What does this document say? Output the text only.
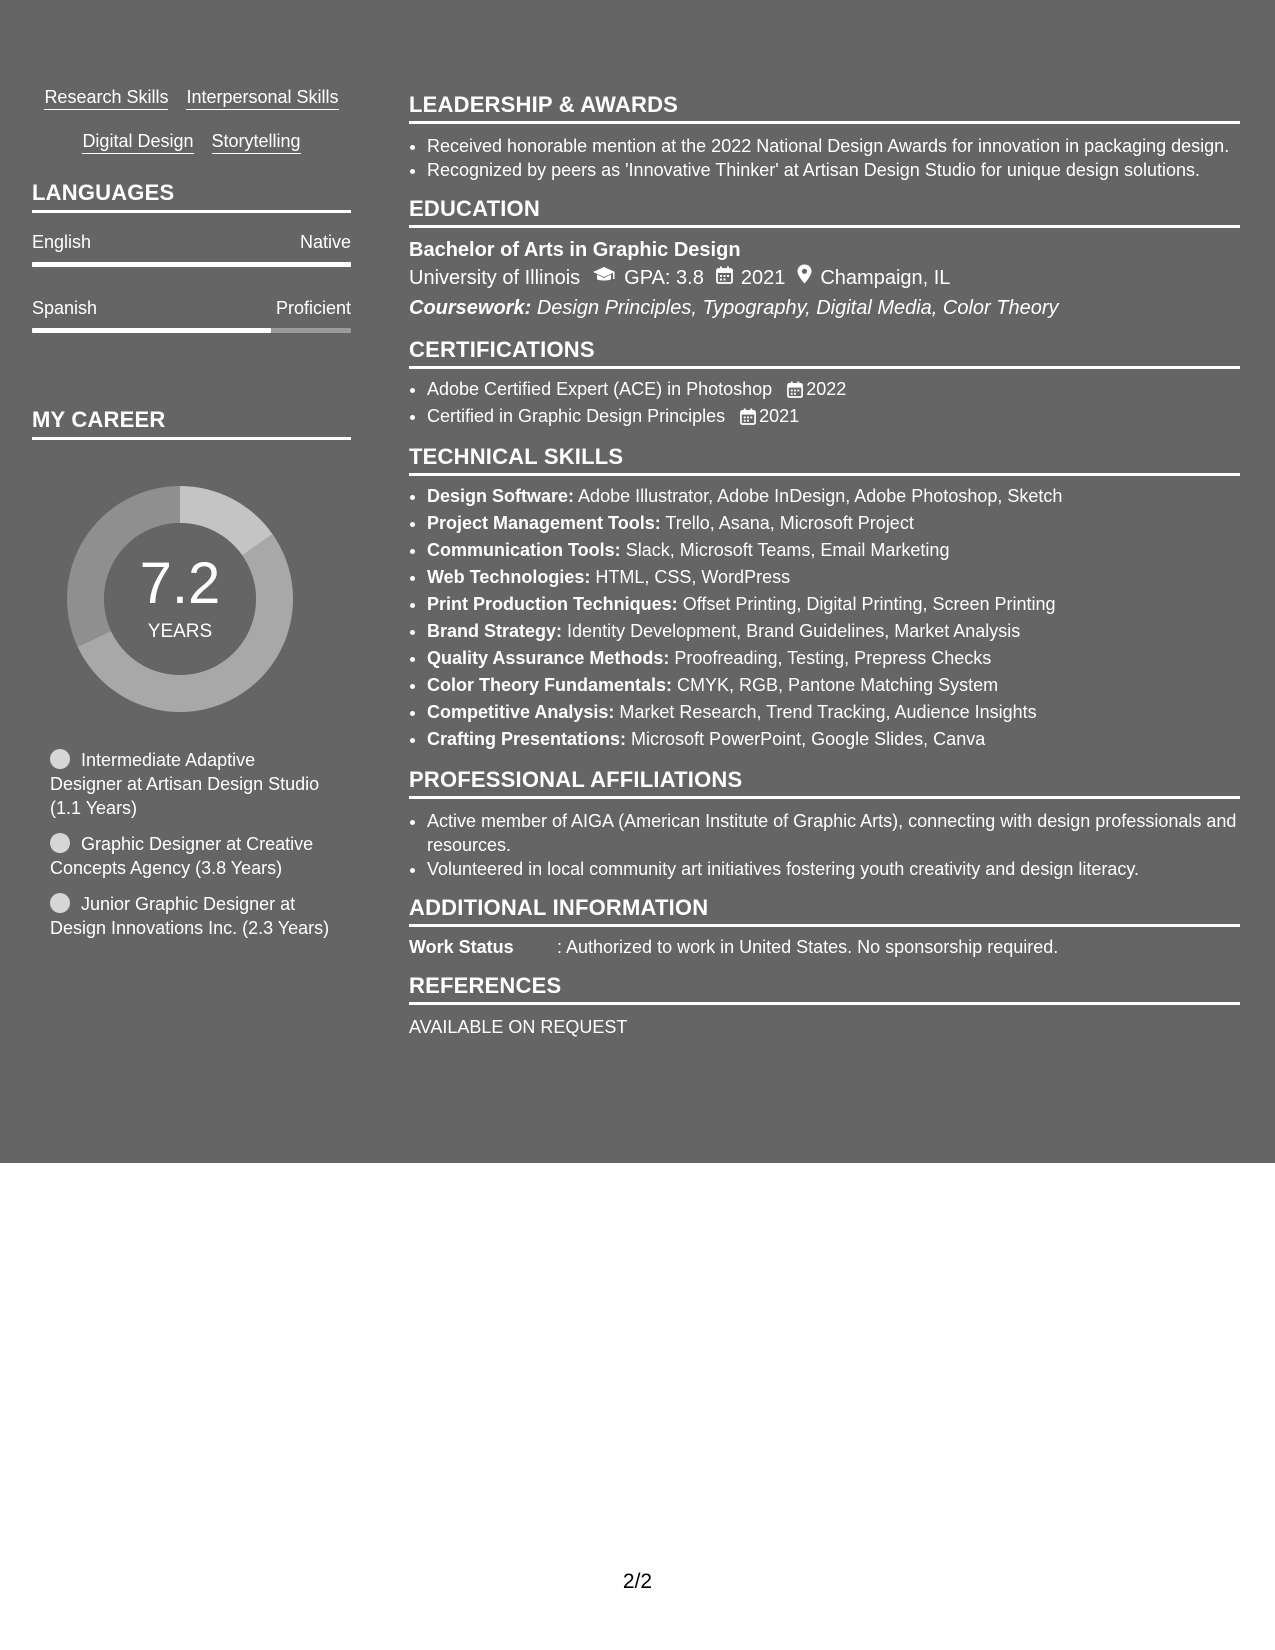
Research Skills Interpersonal Skills
Digital Design Storytelling
LANGUAGES
English	Native
Spanish	Proficient
MY CAREER
7.2
YEARS
Intermediate Adaptive Designer at Artisan Design Studio (1.1 Years)
Graphic Designer at Creative Concepts Agency (3.8 Years)
Junior Graphic Designer at Design Innovations Inc. (2.3 Years)
LEADERSHIP & AWARDS
• Received honorable mention at the 2022 National Design Awards for innovation in packaging design.
• Recognized by peers as 'Innovative Thinker' at Artisan Design Studio for unique design solutions.
EDUCATION
Bachelor of Arts in Graphic Design
University of Illinois GPA: 3.8 2021 Champaign, IL
Coursework: Design Principles, Typography, Digital Media, Color Theory
CERTIFICATIONS
• Adobe Certified Expert (ACE) in Photoshop 2022
• Certified in Graphic Design Principles 2021
TECHNICAL SKILLS
• Design Software: Adobe Illustrator, Adobe InDesign, Adobe Photoshop, Sketch
• Project Management Tools: Trello, Asana, Microsoft Project
• Communication Tools: Slack, Microsoft Teams, Email Marketing
• Web Technologies: HTML, CSS, WordPress
• Print Production Techniques: Offset Printing, Digital Printing, Screen Printing
• Brand Strategy: Identity Development, Brand Guidelines, Market Analysis
• Quality Assurance Methods: Proofreading, Testing, Prepress Checks
• Color Theory Fundamentals: CMYK, RGB, Pantone Matching System
• Competitive Analysis: Market Research, Trend Tracking, Audience Insights
• Crafting Presentations: Microsoft PowerPoint, Google Slides, Canva
PROFESSIONAL AFFILIATIONS
• Active member of AIGA (American Institute of Graphic Arts), connecting with design professionals and resources.
• Volunteered in local community art initiatives fostering youth creativity and design literacy.
ADDITIONAL INFORMATION
Work Status	: Authorized to work in United States. No sponsorship required.
REFERENCES
AVAILABLE ON REQUEST
2/2
